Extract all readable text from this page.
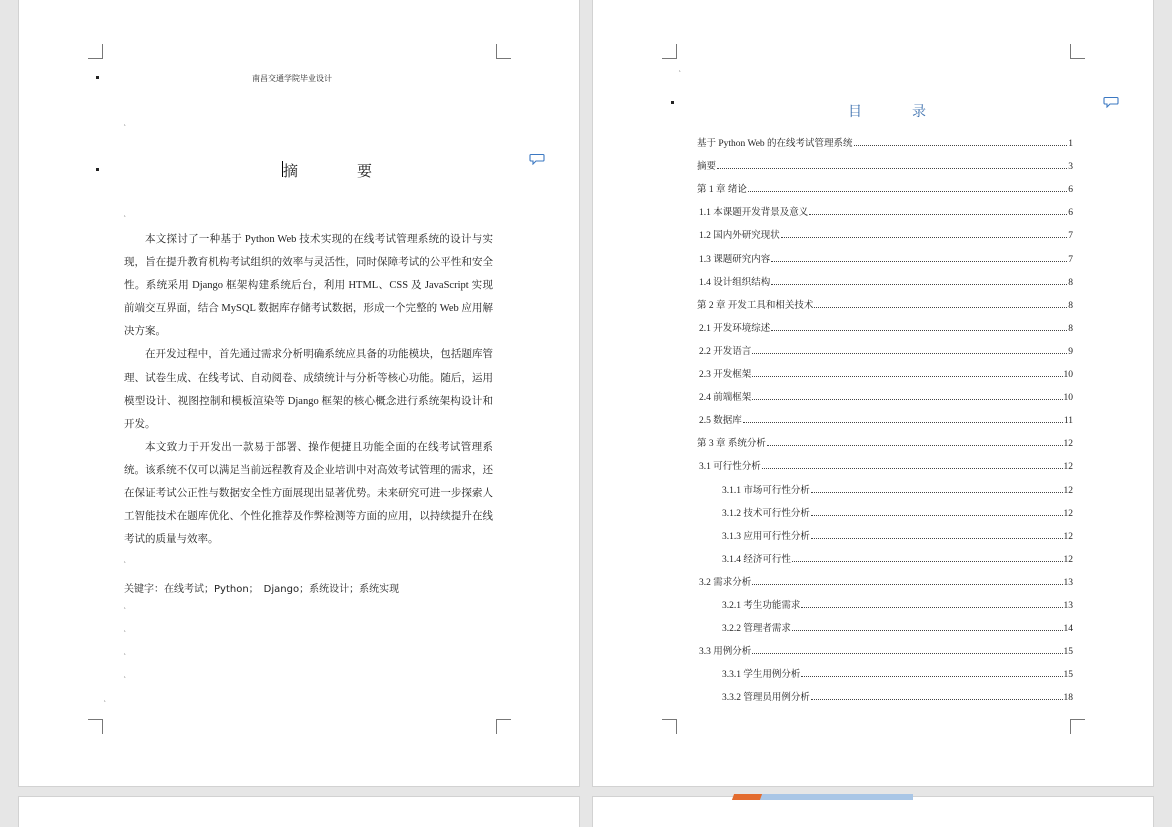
南昌交通学院毕业设计
˔
摘　要
˔

本文探讨了一种基于 Python Web 技术实现的在线考试管理系统的设计与实现，旨在提升教育机构考试组织的效率与灵活性，同时保障考试的公平性和安全性。系统采用 Django 框架构建系统后台，利用 HTML、CSS 及 JavaScript 实现前端交互界面，结合 MySQL 数据库存储考试数据，形成一个完整的 Web 应用解决方案。

在开发过程中，首先通过需求分析明确系统应具备的功能模块，包括题库管理、试卷生成、在线考试、自动阅卷、成绩统计与分析等核心功能。随后，运用模型设计、视图控制和模板渲染等 Django 框架的核心概念进行系统架构设计和开发。

本文致力于开发出一款易于部署、操作便捷且功能全面的在线考试管理系统。该系统不仅可以满足当前远程教育及企业培训中对高效考试管理的需求，还在保证考试公正性与数据安全性方面展现出显著优势。未来研究可进一步探索人工智能技术在题库优化、个性化推荐及作弊检测等方面的应用，以持续提升在线考试的质量与效率。

˔
关键字：在线考试；Python；　Django；系统设计；系统实现
˔
˔
˔
˔
˔
˔
目　录
基于 Python Web 的在线考试管理系统	1
摘要	3
第 1 章 绪论	6
1.1 本课题开发背景及意义	6
1.2 国内外研究现状	7
1.3 课题研究内容	7
1.4 设计组织结构	8
第 2 章 开发工具和相关技术	8
2.1 开发环境综述	8
2.2 开发语言	9
2.3 开发框架	10
2.4 前端框架	10
2.5 数据库	11
第 3 章 系统分析	12
3.1 可行性分析	12
3.1.1 市场可行性分析	12
3.1.2 技术可行性分析	12
3.1.3 应用可行性分析	12
3.1.4 经济可行性	12
3.2 需求分析	13
3.2.1 考生功能需求	13
3.2.2 管理者需求	14
3.3 用例分析	15
3.3.1 学生用例分析	15
3.3.2 管理员用例分析	18
